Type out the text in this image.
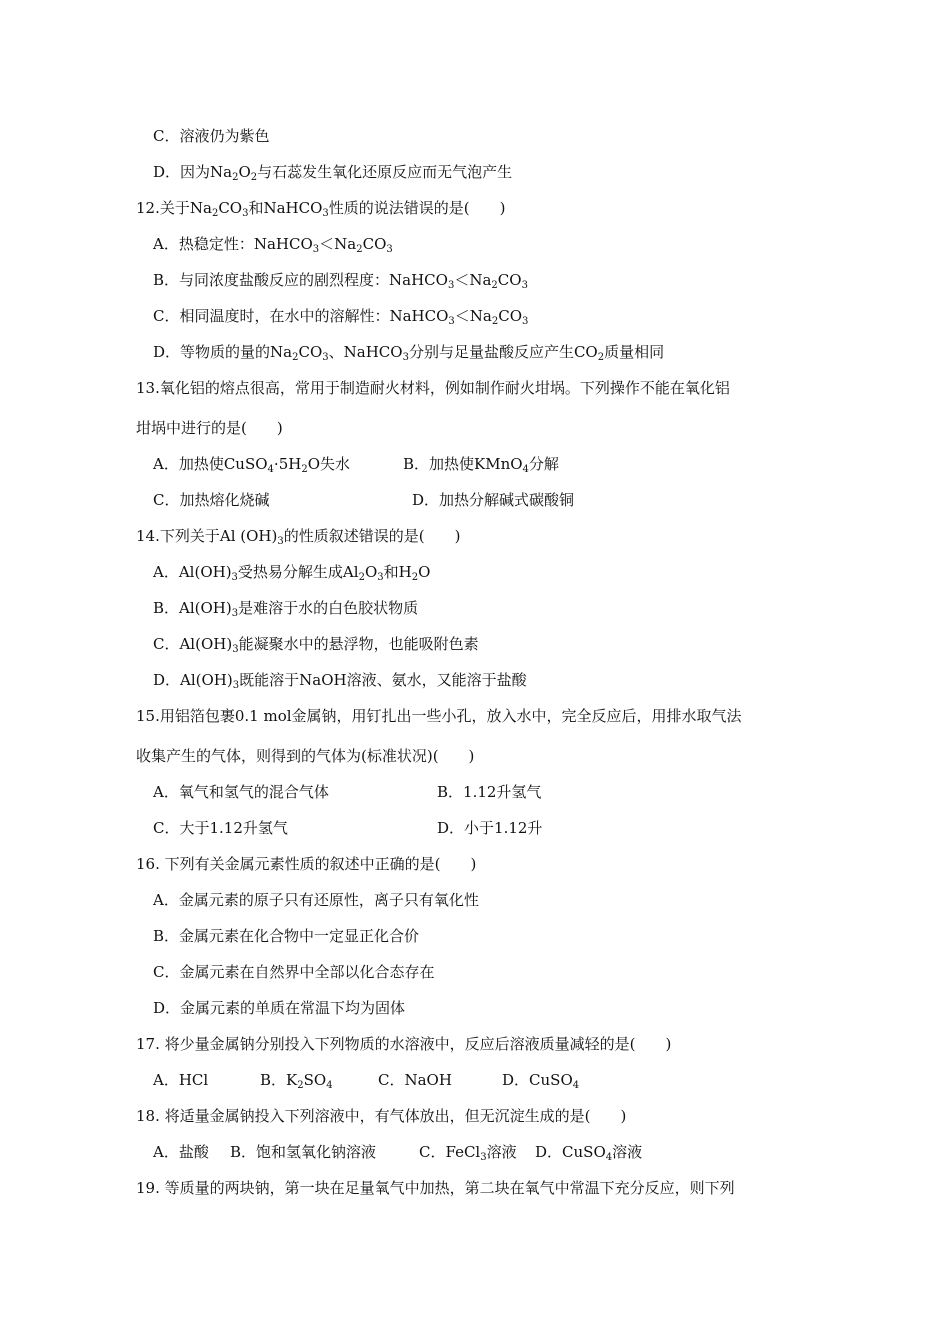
C．溶液仍为紫色
D．因为$Na_2O_2$与石蕊发生氧化还原反应而无气泡产生
12.关于$Na_2CO_3$和NaHCO$_3$性质的说法错误的是(　　)
A．热稳定性：$NaHCO_3<Na_2CO_3$
B．与同浓度盐酸反应的剧烈程度：$NaHCO_3<Na_2CO_3$
C．相同温度时，在水中的溶解性：$NaHCO_3<Na_2CO_3$
D．等物质的量的$Na_2CO_3$、NaHCO$_3$分别与足量盐酸反应产生$CO_2$质量相同
13.氧化铝的熔点很高，常用于制造耐火材料，例如制作耐火坩埚。下列操作不能在氧化铝
坩埚中进行的是(　　)
A．加热使$CuSO_4\cdot 5H_2O$失水	B．加热使KMnO$_4$分解
C．加热熔化烧碱	D．加热分解碱式碳酸铜
14.下列关于Al $(OH)_3$的性质叙述错误的是(　　)
A．$Al(OH)_3$受热易分解生成$Al_2O_3$和$H_2O$
B．$Al(OH)_3$是难溶于水的白色胶状物质
C．$Al(OH)_3$能凝聚水中的悬浮物，也能吸附色素
D．$Al(OH)_3$既能溶于NaOH溶液、氨水，又能溶于盐酸
15.用铝箔包裹0.1 mol金属钠，用钉扎出一些小孔，放入水中，完全反应后，用排水取气法
收集产生的气体，则得到的气体为(标准状况)(　　)
A．氧气和氢气的混合气体	B．1.12升氢气
C．大于1.12升氢气	D．小于1.12升
16. 下列有关金属元素性质的叙述中正确的是(　　)
A．金属元素的原子只有还原性，离子只有氧化性
B．金属元素在化合物中一定显正化合价
C．金属元素在自然界中全部以化合态存在
D．金属元素的单质在常温下均为固体
17. 将少量金属钠分别投入下列物质的水溶液中，反应后溶液质量减轻的是(　　)
A．HCl	B．$K_2SO_4$	C．NaOH	D．CuSO$_4$
18. 将适量金属钠投入下列溶液中，有气体放出，但无沉淀生成的是(　　)
A．盐酸 B．饱和氢氧化钠溶液	C．FeCl$_3$溶液 D．CuSO$_4$溶液
19. 等质量的两块钠，第一块在足量氧气中加热，第二块在氧气中常温下充分反应，则下列
